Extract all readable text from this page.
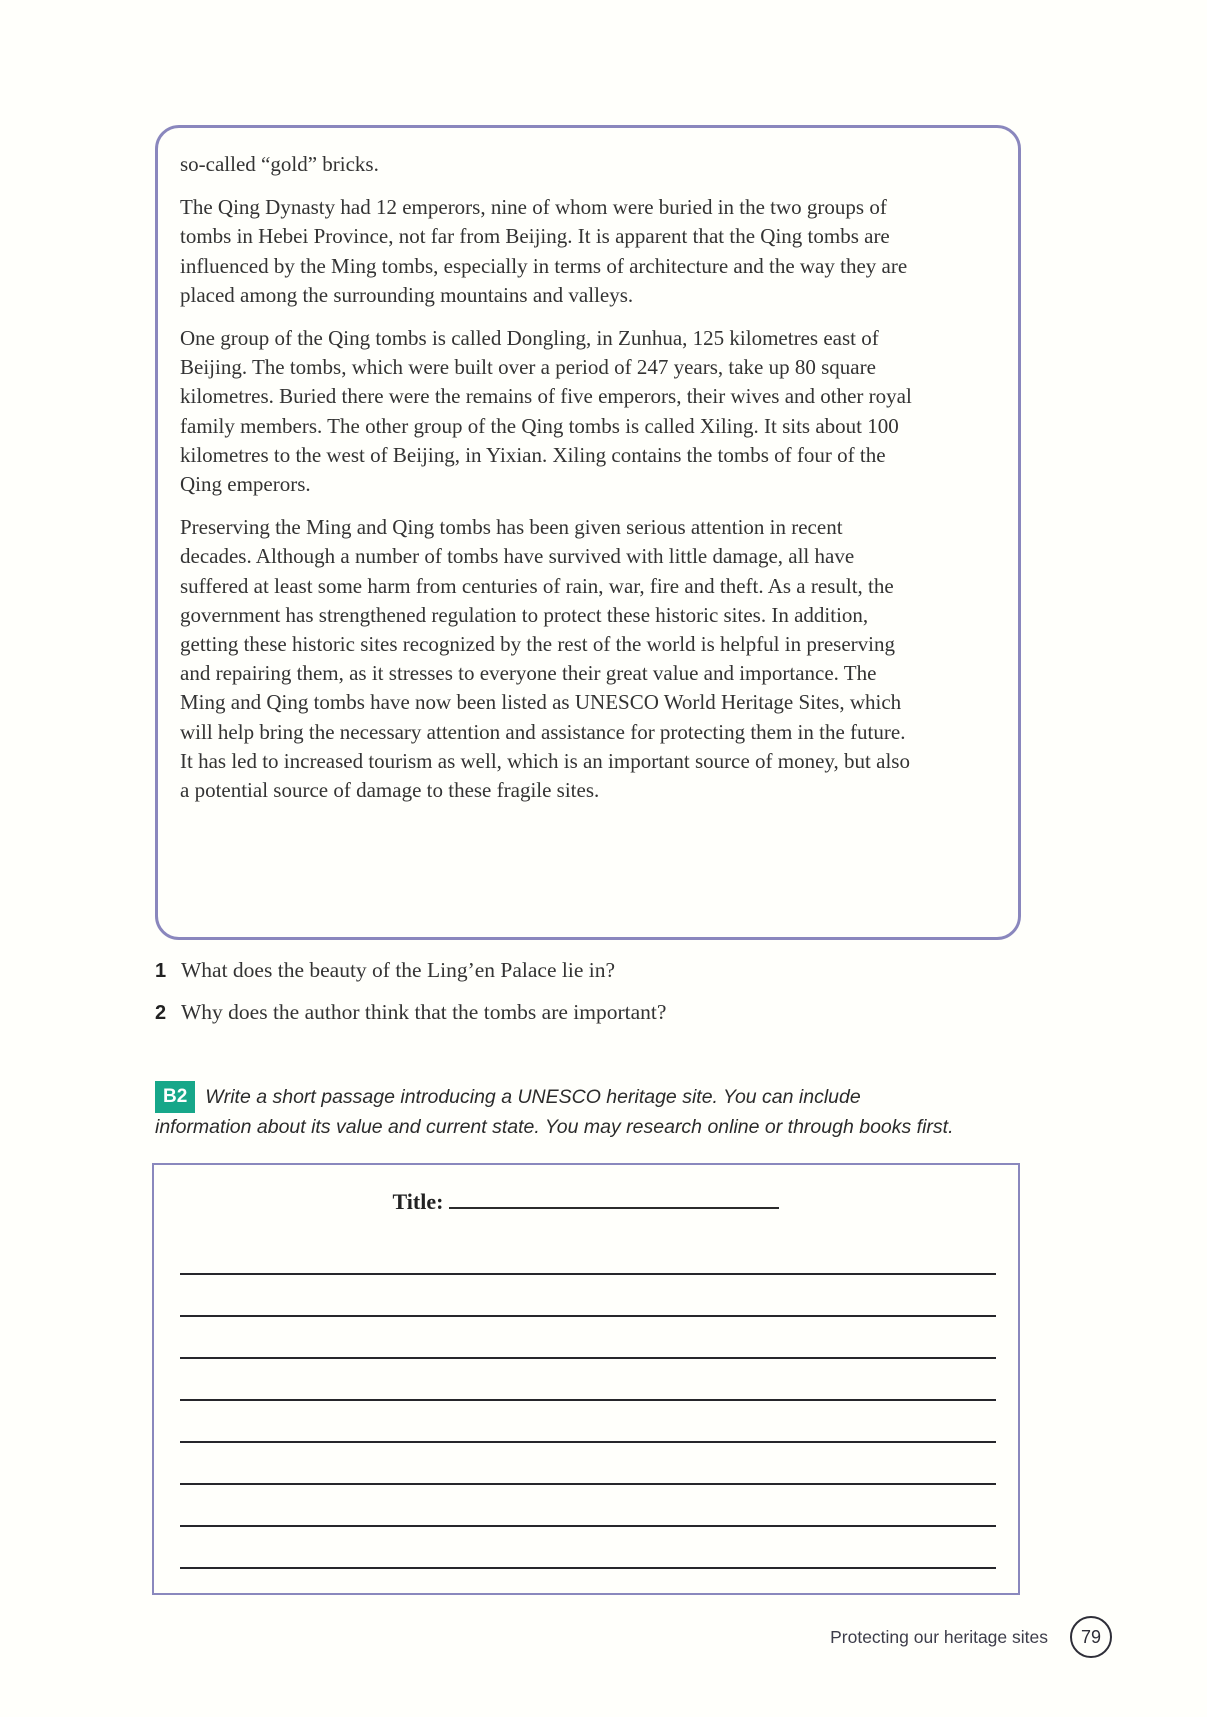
so-called “gold” bricks.

The Qing Dynasty had 12 emperors, nine of whom were buried in the two groups of tombs in Hebei Province, not far from Beijing. It is apparent that the Qing tombs are influenced by the Ming tombs, especially in terms of architecture and the way they are placed among the surrounding mountains and valleys.

One group of the Qing tombs is called Dongling, in Zunhua, 125 kilometres east of Beijing. The tombs, which were built over a period of 247 years, take up 80 square kilometres. Buried there were the remains of five emperors, their wives and other royal family members. The other group of the Qing tombs is called Xiling. It sits about 100 kilometres to the west of Beijing, in Yixian. Xiling contains the tombs of four of the Qing emperors.

Preserving the Ming and Qing tombs has been given serious attention in recent decades. Although a number of tombs have survived with little damage, all have suffered at least some harm from centuries of rain, war, fire and theft. As a result, the government has strengthened regulation to protect these historic sites. In addition, getting these historic sites recognized by the rest of the world is helpful in preserving and repairing them, as it stresses to everyone their great value and importance. The Ming and Qing tombs have now been listed as UNESCO World Heritage Sites, which will help bring the necessary attention and assistance for protecting them in the future. It has led to increased tourism as well, which is an important source of money, but also a potential source of damage to these fragile sites.

1 What does the beauty of the Ling’en Palace lie in?
2 Why does the author think that the tombs are important?
B2 Write a short passage introducing a UNESCO heritage site. You can include information about its value and current state. You may research online or through books first.
Title:
Protecting our heritage sites	79
